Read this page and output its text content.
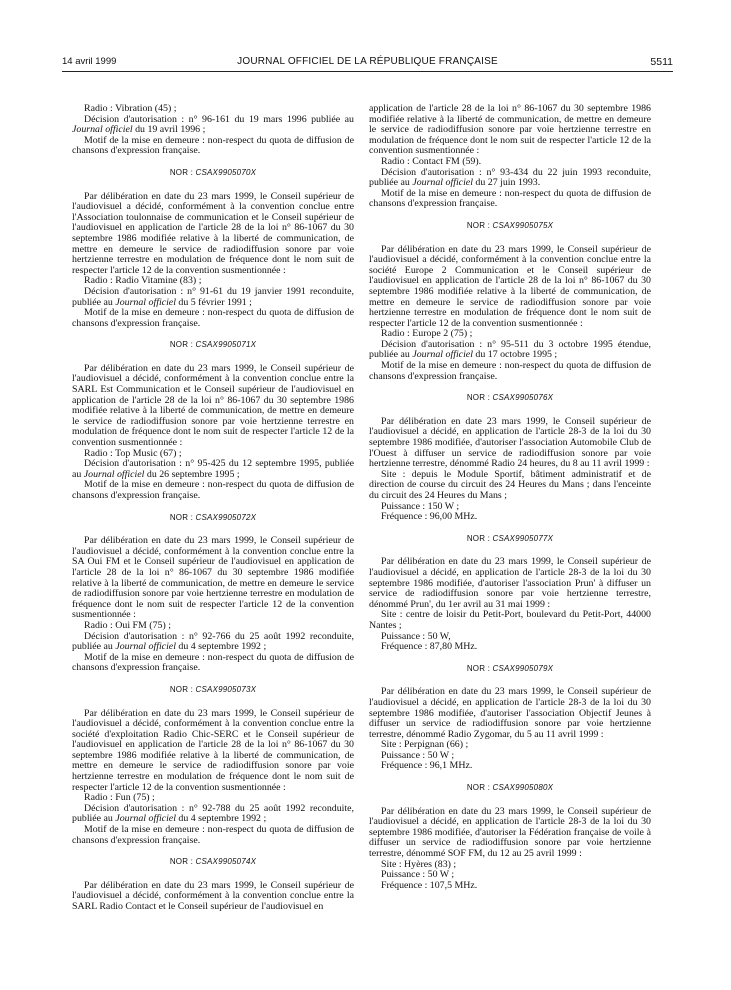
14 avril 1999	JOURNAL OFFICIEL DE LA RÉPUBLIQUE FRANÇAISE	5511

Radio : Vibration (45) ;

Décision d'autorisation : n° 96-161 du 19 mars 1996 publiée au Journal officiel du 19 avril 1996 ;

Motif de la mise en demeure : non-respect du quota de diffusion de chansons d'expression française.

NOR : CSAX9905070X

Par délibération en date du 23 mars 1999, le Conseil supérieur de l'audiovisuel a décidé, conformément à la convention conclue entre l'Association toulonnaise de communication et le Conseil supérieur de l'audiovisuel en application de l'article 28 de la loi n° 86-1067 du 30 septembre 1986 modifiée relative à la liberté de communication, de mettre en demeure le service de radiodiffusion sonore par voie hertzienne terrestre en modulation de fréquence dont le nom suit de respecter l'article 12 de la convention susmentionnée :

Radio : Radio Vitamine (83) ;

Décision d'autorisation : n° 91-61 du 19 janvier 1991 reconduite, publiée au Journal officiel du 5 février 1991 ;

Motif de la mise en demeure : non-respect du quota de diffusion de chansons d'expression française.

NOR : CSAX9905071X

Par délibération en date du 23 mars 1999, le Conseil supérieur de l'audiovisuel a décidé, conformément à la convention conclue entre la SARL Est Communication et le Conseil supérieur de l'audiovisuel en application de l'article 28 de la loi n° 86-1067 du 30 septembre 1986 modifiée relative à la liberté de communication, de mettre en demeure le service de radiodiffusion sonore par voie hertzienne terrestre en modulation de fréquence dont le nom suit de respecter l'article 12 de la convention susmentionnée :

Radio : Top Music (67) ;

Décision d'autorisation : n° 95-425 du 12 septembre 1995, publiée au Journal officiel du 26 septembre 1995 ;

Motif de la mise en demeure : non-respect du quota de diffusion de chansons d'expression française.

NOR : CSAX9905072X

Par délibération en date du 23 mars 1999, le Conseil supérieur de l'audiovisuel a décidé, conformément à la convention conclue entre la SA Oui FM et le Conseil supérieur de l'audiovisuel en application de l'article 28 de la loi n° 86-1067 du 30 septembre 1986 modifiée relative à la liberté de communication, de mettre en demeure le service de radiodiffusion sonore par voie hertzienne terrestre en modulation de fréquence dont le nom suit de respecter l'article 12 de la convention susmentionnée :

Radio : Oui FM (75) ;

Décision d'autorisation : n° 92-766 du 25 août 1992 reconduite, publiée au Journal officiel du 4 septembre 1992 ;

Motif de la mise en demeure : non-respect du quota de diffusion de chansons d'expression française.

NOR : CSAX9905073X

Par délibération en date du 23 mars 1999, le Conseil supérieur de l'audiovisuel a décidé, conformément à la convention conclue entre la société d'exploitation Radio Chic-SERC et le Conseil supérieur de l'audiovisuel en application de l'article 28 de la loi n° 86-1067 du 30 septembre 1986 modifiée relative à la liberté de communication, de mettre en demeure le service de radiodiffusion sonore par voie hertzienne terrestre en modulation de fréquence dont le nom suit de respecter l'article 12 de la convention susmentionnée :

Radio : Fun (75) ;

Décision d'autorisation : n° 92-788 du 25 août 1992 reconduite, publiée au Journal officiel du 4 septembre 1992 ;

Motif de la mise en demeure : non-respect du quota de diffusion de chansons d'expression française.

NOR : CSAX9905074X

Par délibération en date du 23 mars 1999, le Conseil supérieur de l'audiovisuel a décidé, conformément à la convention conclue entre la SARL Radio Contact et le Conseil supérieur de l'audiovisuel en

application de l'article 28 de la loi n° 86-1067 du 30 septembre 1986 modifiée relative à la liberté de communication, de mettre en demeure le service de radiodiffusion sonore par voie hertzienne terrestre en modulation de fréquence dont le nom suit de respecter l'article 12 de la convention susmentionnée :

Radio : Contact FM (59).

Décision d'autorisation : n° 93-434 du 22 juin 1993 reconduite, publiée au Journal officiel du 27 juin 1993.

Motif de la mise en demeure : non-respect du quota de diffusion de chansons d'expression française.

NOR : CSAX9905075X

Par délibération en date du 23 mars 1999, le Conseil supérieur de l'audiovisuel a décidé, conformément à la convention conclue entre la société Europe 2 Communication et le Conseil supérieur de l'audiovisuel en application de l'article 28 de la loi n° 86-1067 du 30 septembre 1986 modifiée relative à la liberté de communication, de mettre en demeure le service de radiodiffusion sonore par voie hertzienne terrestre en modulation de fréquence dont le nom suit de respecter l'article 12 de la convention susmentionnée :

Radio : Europe 2 (75) ;

Décision d'autorisation : n° 95-511 du 3 octobre 1995 étendue, publiée au Journal officiel du 17 octobre 1995 ;

Motif de la mise en demeure : non-respect du quota de diffusion de chansons d'expression française.

NOR : CSAX9905076X

Par délibération en date 23 mars 1999, le Conseil supérieur de l'audiovisuel a décidé, en application de l'article 28-3 de la loi du 30 septembre 1986 modifiée, d'autoriser l'association Automobile Club de l'Ouest à diffuser un service de radiodiffusion sonore par voie hertzienne terrestre, dénommé Radio 24 heures, du 8 au 11 avril 1999 :

Site : depuis le Module Sportif, bâtiment administratif et de direction de course du circuit des 24 Heures du Mans ; dans l'enceinte du circuit des 24 Heures du Mans ;

Puissance : 150 W ;

Fréquence : 96,00 MHz.

NOR : CSAX9905077X

Par délibération en date du 23 mars 1999, le Conseil supérieur de l'audiovisuel a décidé, en application de l'article 28-3 de la loi du 30 septembre 1986 modifiée, d'autoriser l'association Prun' à diffuser un service de radiodiffusion sonore par voie hertzienne terrestre, dénommé Prun', du 1er avril au 31 mai 1999 :

Site : centre de loisir du Petit-Port, boulevard du Petit-Port, 44000 Nantes ;

Puissance : 50 W,

Fréquence : 87,80 MHz.

NOR : CSAX9905079X

Par délibération en date du 23 mars 1999, le Conseil supérieur de l'audiovisuel a décidé, en application de l'article 28-3 de la loi du 30 septembre 1986 modifiée, d'autoriser l'association Objectif Jeunes à diffuser un service de radiodiffusion sonore par voie hertzienne terrestre, dénommé Radio Zygomar, du 5 au 11 avril 1999 :

Site : Perpignan (66) ;

Puissance : 50 W ;

Fréquence : 96,1 MHz.

NOR : CSAX9905080X

Par délibération en date du 23 mars 1999, le Conseil supérieur de l'audiovisuel a décidé, en application de l'article 28-3 de la loi du 30 septembre 1986 modifiée, d'autoriser la Fédération française de voile à diffuser un service de radiodiffusion sonore par voie hertzienne terrestre, dénommé SOF FM, du 12 au 25 avril 1999 :

Site : Hyères (83) ;

Puissance : 50 W ;

Fréquence : 107,5 MHz.
